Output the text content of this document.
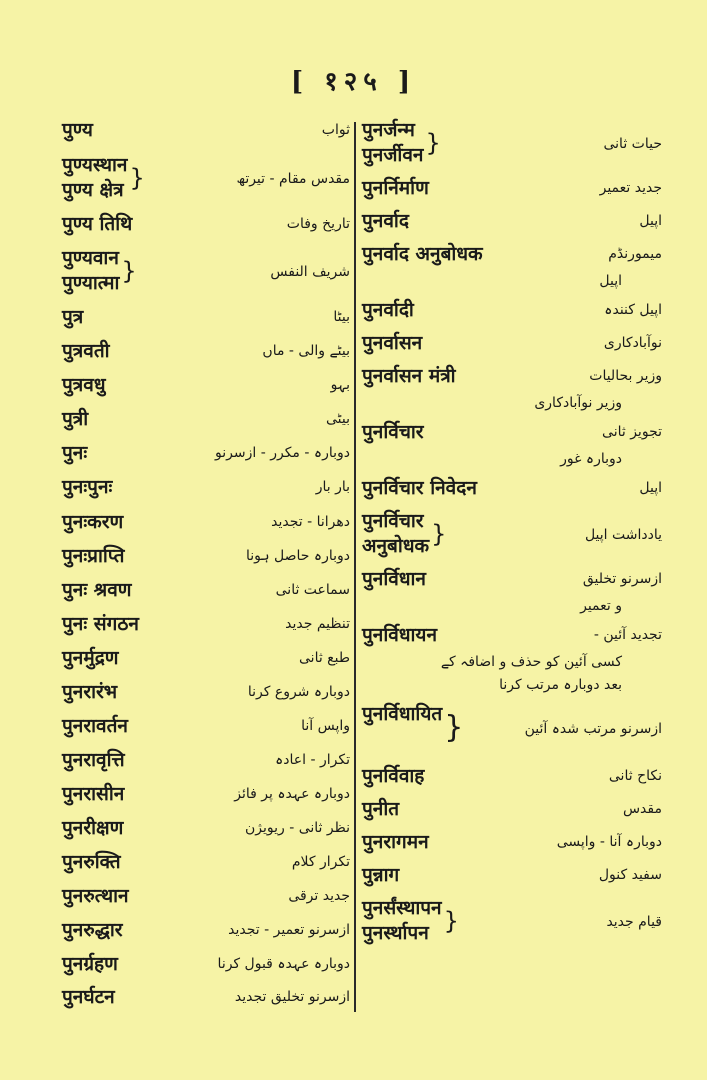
[ १२५ ]
पुण्य	ثواب
पुण्यस्थान
पुण्य क्षेत्र }	مقدس مقام - تیرتھ
पुण्य तिथि	تاریخ وفات
पुण्यवान
पुण्यात्मा }	شریف النفس
पुत्र	بیٹا
पुत्रवती	بیٹے والی - ماں
पुत्रवधु	بہو
पुत्री	بیٹی
पुनः	دوبارہ - مکرر - ازسرنو
पुनःपुनः	بار بار
पुनःकरण	دھرانا - تجدید
पुनःप्राप्ति	دوبارہ حاصل ہونا
पुनः श्रवण	سماعت ثانی
पुनः संगठन	تنظیم جدید
पुनर्मुद्रण	طبع ثانی
पुनरारंभ	دوبارہ شروع کرنا
पुनरावर्तन	واپس آنا
पुनरावृत्ति	تکرار - اعادہ
पुनरासीन	دوبارہ عہدہ پر فائز
पुनरीक्षण	نظر ثانی - ریویژن
पुनरुक्ति	تکرار کلام
पुनरुत्थान	جدید ترقی
पुनरुद्धार	ازسرنو تعمیر - تجدید
पुनर्ग्रहण	دوبارہ عہدہ قبول کرنا
पुनर्घटन	ازسرنو تخلیق تجدید
पुनर्जन्म
पुनर्जीवन }	حیات ثانی
पुनर्निर्माण	جدید تعمیر
पुनर्वाद	اپیل
पुनर्वाद अनुबोधक	میمورنڈم
اپیل
पुनर्वादी	اپیل کنندہ
पुनर्वासन	نوآبادکاری
पुनर्वासन मंत्री	وزیر بحالیات
وزیر نوآبادکاری
पुनर्विचार	تجویز ثانی
دوبارہ غور
पुनर्विचार निवेदन	اپیل
पुनर्विचार
अनुबोधक }	یادداشت اپیل
पुनर्विधान	ازسرنو تخلیق
و تعمیر
पुनर्विधायन	تجدید آئین -
کسی آئین کو حذف و اضافہ کے
بعد دوبارہ مرتب کرنا
पुनर्विधायित }	ازسرنو مرتب شدہ آئین
पुनर्विवाह	نکاح ثانی
पुनीत	مقدس
पुनरागमन	دوبارہ آنا - واپسی
पुन्नाग	سفید کنول
पुनर्संस्थापन
पुनर्स्थापन }	قیام جدید
